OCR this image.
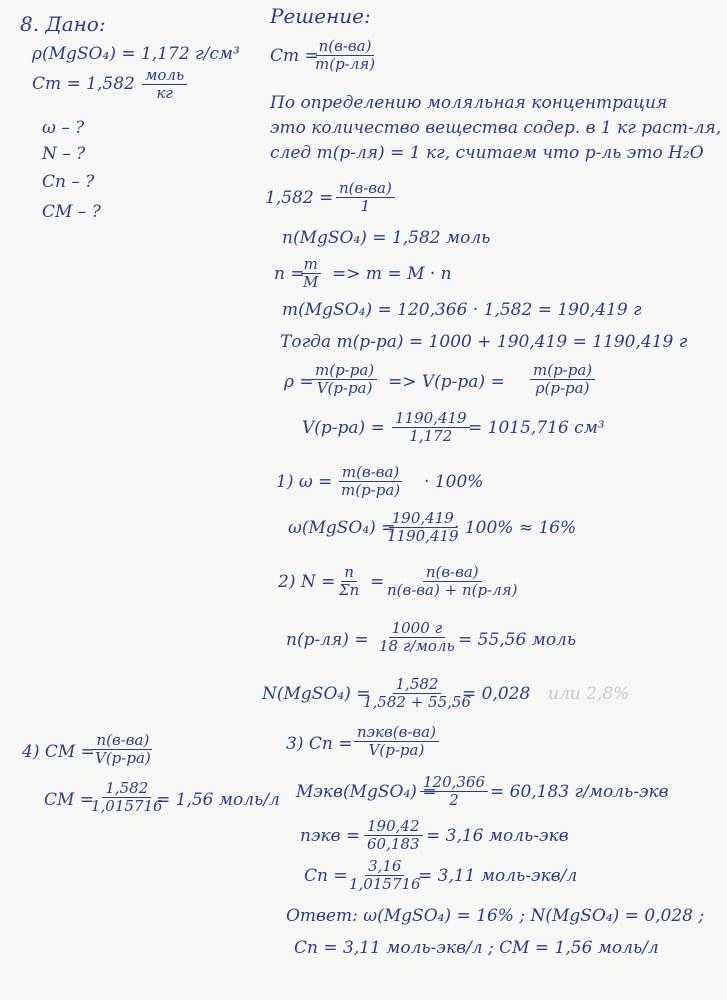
8. Дано:
ρ(MgSO₄) = 1,172 г/см³
Cm = 1,582 моль
кг
ω – ?
N – ?
Cn – ?
CM – ?
Решение:
Cm = n(в-ва)
m(р-ля)
По определению моляльная концентрация
это количество вещества содер. в 1 кг раст-ля,
след m(р-ля) = 1 кг, считаем что р-ль это H₂O
1,582 = n(в-ва)
1
n(MgSO₄) = 1,582 моль
n =
$\frac{m}{M} => m = M \cdot n$
m(MgSO₄) = 120,366 · 1,582 = 190,419 г
Тогда m(р-ра) = 1000 + 190,419 = 1190,419 г
ρ =
m(р-ра)
V(р-ра) => V(р-ра) =
m(р-ра)
ρ(р-ра)
$V(р-ра) = \frac{1190,419}{1,172}$
= 1015,716 см³
1) ω = m(в-ва)
m(р-ра) · 100%
ω(MgSO₄) =
$\frac{190,419}{1190,419}$
· 100% ≈ 16%
2) $N = \frac{n}{\Sigma n}$ =	n(в-ва)
n(в-ва) + n(р-ля)
n(р-ля) =
1000 г
18 г/моль = 55,56 моль
N(MgSO₄) =
$\frac{1,582}{1,582 + 55,56}$
= 0,028 или 2,8%
3) Cn =
nэкв(в-ва)
V(р-ра)
Mэкв(MgSO₄) =
$\frac{120,366}{2} = 60,183$ г/моль-экв
nэкв = $\frac{190,42}{60,183} = 3,16$ моль-экв
Cn =
$\frac{3,16}{1,015716}$
= 3,11 моль-экв/л
Ответ: ω(MgSO₄) = 16% ; N(MgSO₄) = 0,028 ;
Cn = 3,11 моль-экв/л ; CM = 1,56 моль/л
4) CM =
n(в-ва)
V(р-ра)
CM =
$\frac{1,582}{1,015716}$
= 1,56 моль/л
